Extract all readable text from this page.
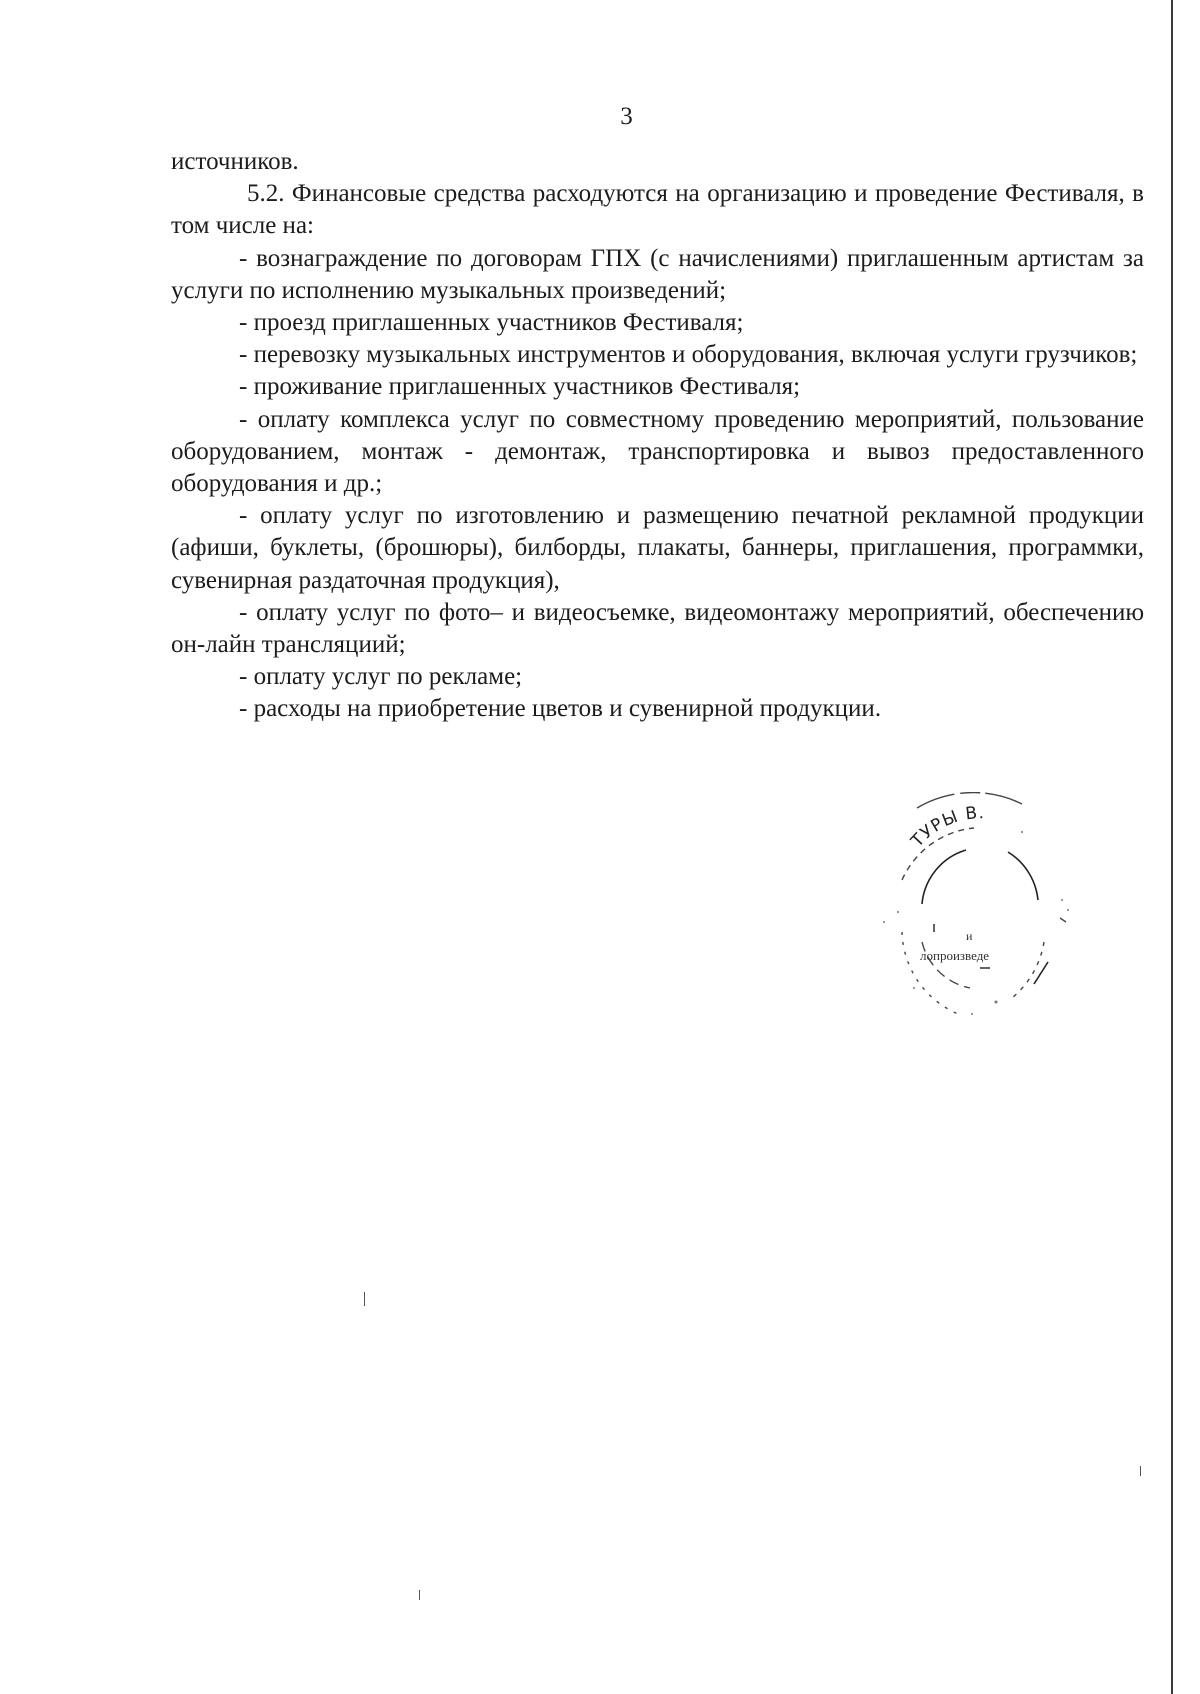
3

источников.

5.2. Финансовые средства расходуются на организацию и проведение Фестиваля, в том числе на:

- вознаграждение по договорам ГПХ (с начислениями) приглашенным артистам за услуги по исполнению музыкальных произведений;

- проезд приглашенных участников Фестиваля;

- перевозку музыкальных инструментов и оборудования, включая услуги грузчиков;

- проживание приглашенных участников Фестиваля;

- оплату комплекса услуг по совместному проведению мероприятий, пользование оборудованием, монтаж - демонтаж, транспортировка и вывоз предоставленного оборудования и др.;

- оплату услуг по изготовлению и размещению печатной рекламной продукции (афиши, буклеты, (брошюры), билборды, плакаты, баннеры, приглашения, программки, сувенирная раздаточная продукция),

- оплату услуг по фото– и видеосъемке, видеомонтажу мероприятий, обеспечению он-лайн трансляциий;

- оплату услуг по рекламе;

- расходы на приобретение цветов и сувенирной продукции.

ТУРЫ В.
и
лопроизведе
